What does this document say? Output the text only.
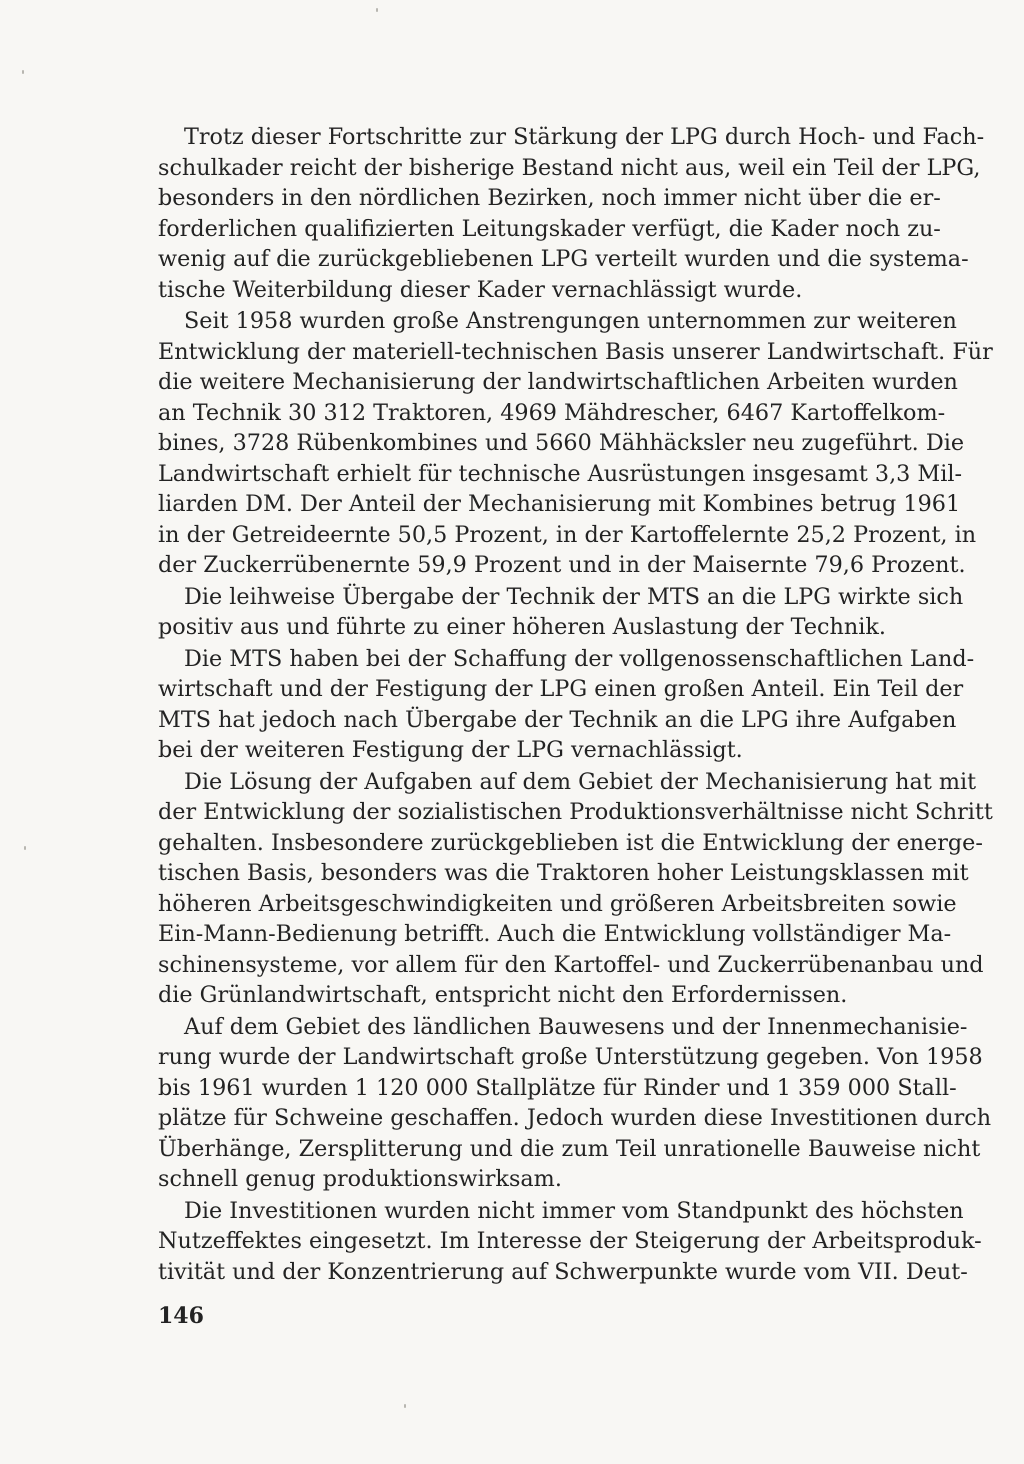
Trotz dieser Fortschritte zur Stärkung der LPG durch Hoch- und Fach-
schulkader reicht der bisherige Bestand nicht aus, weil ein Teil der LPG,
besonders in den nördlichen Bezirken, noch immer nicht über die er-
forderlichen qualifizierten Leitungskader verfügt, die Kader noch zu-
wenig auf die zurückgebliebenen LPG verteilt wurden und die systema-
tische Weiterbildung dieser Kader vernachlässigt wurde.
Seit 1958 wurden große Anstrengungen unternommen zur weiteren
Entwicklung der materiell-technischen Basis unserer Landwirtschaft. Für
die weitere Mechanisierung der landwirtschaftlichen Arbeiten wurden
an Technik 30 312 Traktoren, 4969 Mähdrescher, 6467 Kartoffelkom-
bines, 3728 Rübenkombines und 5660 Mähhäcksler neu zugeführt. Die
Landwirtschaft erhielt für technische Ausrüstungen insgesamt 3,3 Mil-
liarden DM. Der Anteil der Mechanisierung mit Kombines betrug 1961
in der Getreideernte 50,5 Prozent, in der Kartoffelernte 25,2 Prozent, in
der Zuckerrübenernte 59,9 Prozent und in der Maisernte 79,6 Prozent.
Die leihweise Übergabe der Technik der MTS an die LPG wirkte sich
positiv aus und führte zu einer höheren Auslastung der Technik.
Die MTS haben bei der Schaffung der vollgenossenschaftlichen Land-
wirtschaft und der Festigung der LPG einen großen Anteil. Ein Teil der
MTS hat jedoch nach Übergabe der Technik an die LPG ihre Aufgaben
bei der weiteren Festigung der LPG vernachlässigt.
Die Lösung der Aufgaben auf dem Gebiet der Mechanisierung hat mit
der Entwicklung der sozialistischen Produktionsverhältnisse nicht Schritt
gehalten. Insbesondere zurückgeblieben ist die Entwicklung der energe-
tischen Basis, besonders was die Traktoren hoher Leistungsklassen mit
höheren Arbeitsgeschwindigkeiten und größeren Arbeitsbreiten sowie
Ein-Mann-Bedienung betrifft. Auch die Entwicklung vollständiger Ma-
schinensysteme, vor allem für den Kartoffel- und Zuckerrübenanbau und
die Grünlandwirtschaft, entspricht nicht den Erfordernissen.
Auf dem Gebiet des ländlichen Bauwesens und der Innenmechanisie-
rung wurde der Landwirtschaft große Unterstützung gegeben. Von 1958
bis 1961 wurden 1 120 000 Stallplätze für Rinder und 1 359 000 Stall-
plätze für Schweine geschaffen. Jedoch wurden diese Investitionen durch
Überhänge, Zersplitterung und die zum Teil unrationelle Bauweise nicht
schnell genug produktionswirksam.
Die Investitionen wurden nicht immer vom Standpunkt des höchsten
Nutzeffektes eingesetzt. Im Interesse der Steigerung der Arbeitsproduk-
tivität und der Konzentrierung auf Schwerpunkte wurde vom VII. Deut-
146
